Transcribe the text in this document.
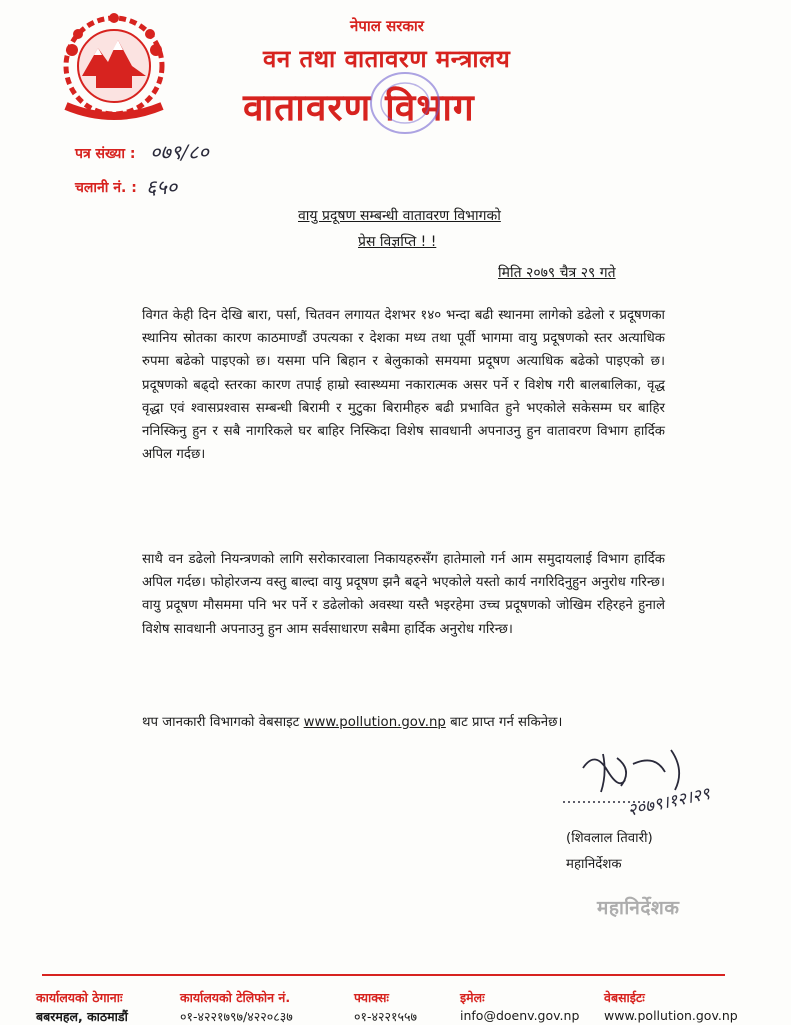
नेपाल सरकार
वन तथा वातावरण मन्त्रालय
वातावरण विभाग
पत्र संख्या : ०७९/८०
चलानी नं. : ६५०
वायु प्रदूषण सम्बन्धी वातावरण विभागको
प्रेस विज्ञप्ति ! !
मिति २०७९ चैत्र २९ गते
विगत केही दिन देखि बारा, पर्सा, चितवन लगायत देशभर १४० भन्दा बढी स्थानमा लागेको डढेलो र प्रदूषणका स्थानिय स्रोतका कारण काठमाण्डौं उपत्यका र देशका मध्य तथा पूर्वी भागमा वायु प्रदूषणको स्तर अत्याधिक रुपमा बढेको पाइएको छ। यसमा पनि बिहान र बेलुकाको समयमा प्रदूषण अत्याधिक बढेको पाइएको छ। प्रदूषणको बढ्दो स्तरका कारण तपाई हाम्रो स्वास्थ्यमा नकारात्मक असर पर्ने र विशेष गरी बालबालिका, वृद्ध वृद्धा एवं श्वासप्रश्वास सम्बन्धी बिरामी र मुटुका बिरामीहरु बढी प्रभावित हुने भएकोले सकेसम्म घर बाहिर ननिस्किनु हुन र सबै नागरिकले घर बाहिर निस्किदा विशेष सावधानी अपनाउनु हुन वातावरण विभाग हार्दिक अपिल गर्दछ।
साथै वन डढेलो नियन्त्रणको लागि सरोकारवाला निकायहरुसँग हातेमालो गर्न आम समुदायलाई विभाग हार्दिक अपिल गर्दछ। फोहोरजन्य वस्तु बाल्दा वायु प्रदूषण झनै बढ्ने भएकोले यस्तो कार्य नगरिदिनुहुन अनुरोध गरिन्छ। वायु प्रदूषण मौसममा पनि भर पर्ने र डढेलोको अवस्था यस्तै भइरहेमा उच्च प्रदूषणको जोखिम रहिरहने हुनाले विशेष सावधानी अपनाउनु हुन आम सर्वसाधारण सबैमा हार्दिक अनुरोध गरिन्छ।
थप जानकारी विभागको वेबसाइट www.pollution.gov.np बाट प्राप्त गर्न सकिनेछ।
२०७९।१२।२९
(शिवलाल तिवारी)
महानिर्देशक
महानिर्देशक
कार्यालयको ठेगानाः
बबरमहल, काठमाडौं
कार्यालयको टेलिफोन नं.
०१-४२२१७९७/४२२०८३७
फ्याक्सः
०१-४२२१५५७
इमेलः
info@doenv.gov.np
वेबसाईटः
www.pollution.gov.np
